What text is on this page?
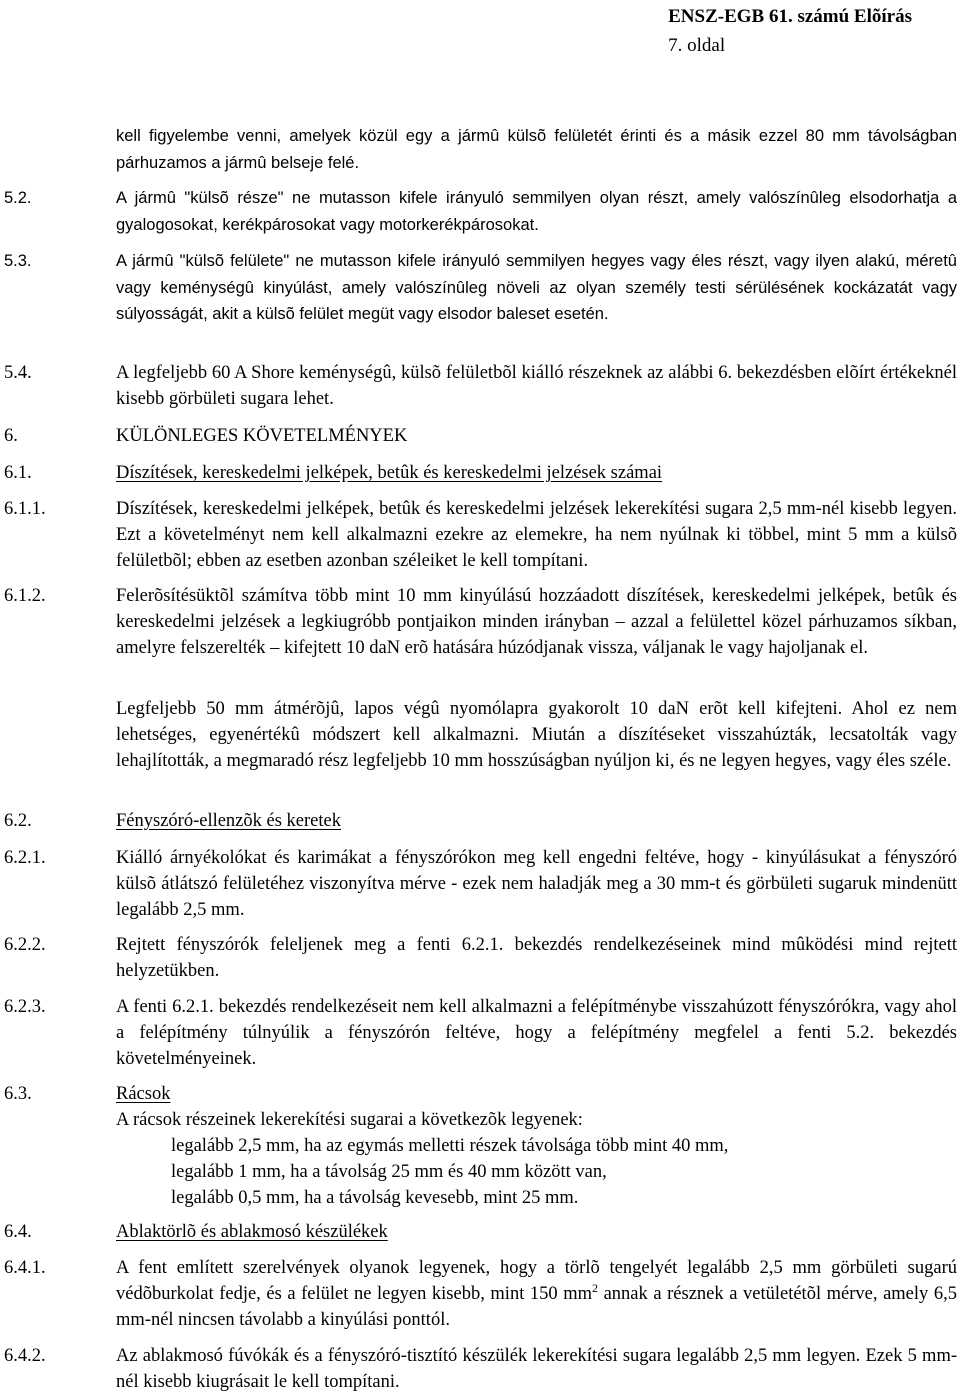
ENSZ-EGB 61. számú Elõírás
7. oldal
kell figyelembe venni, amelyek közül egy a jármû külsõ felületét érinti és a másik ezzel 80 mm távolságban párhuzamos a jármû belseje felé.
5.2.	A jármû "külsõ része" ne mutasson kifele irányuló semmilyen olyan részt, amely valószínûleg elsodorhatja a gyalogosokat, kerékpárosokat vagy motorkerékpárosokat.
5.3.	A jármû "külsõ felülete" ne mutasson kifele irányuló semmilyen hegyes vagy éles részt, vagy ilyen alakú, méretû vagy keménységû kinyúlást, amely valószínûleg növeli az olyan személy testi sérülésének kockázatát vagy súlyosságát, akit a külsõ felület megüt vagy elsodor baleset esetén.
5.4.	A legfeljebb 60 A Shore keménységû, külsõ felületbõl kiálló részeknek az alábbi 6. bekezdésben elõírt értékeknél kisebb görbületi sugara lehet.
6.	KÜLÖNLEGES KÖVETELMÉNYEK
6.1.	Díszítések, kereskedelmi jelképek, betûk és kereskedelmi jelzések számai
6.1.1.	Díszítések, kereskedelmi jelképek, betûk és kereskedelmi jelzések lekerekítési sugara 2,5 mm-nél kisebb legyen. Ezt a követelményt nem kell alkalmazni ezekre az elemekre, ha nem nyúlnak ki többel, mint 5 mm a külsõ felületbõl; ebben az esetben azonban széleiket le kell tompítani.
6.1.2.	Felerõsítésüktõl számítva több mint 10 mm kinyúlású hozzáadott díszítések, kereskedelmi jelképek, betûk és kereskedelmi jelzések a legkiugróbb pontjaikon minden irányban – azzal a felülettel közel párhuzamos síkban, amelyre felszerelték – kifejtett 10 daN erõ hatására húzódjanak vissza, váljanak le vagy hajoljanak el.
Legfeljebb 50 mm átmérõjû, lapos végû nyomólapra gyakorolt 10 daN erõt kell kifejteni. Ahol ez nem lehetséges, egyenértékû módszert kell alkalmazni. Miután a díszítéseket visszahúzták, lecsatolták vagy lehajlították, a megmaradó rész legfeljebb 10 mm hosszúságban nyúljon ki, és ne legyen hegyes, vagy éles széle.
6.2.	Fényszóró-ellenzõk és keretek
6.2.1.	Kiálló árnyékolókat és karimákat a fényszórókon meg kell engedni feltéve, hogy - kinyúlásukat a fényszóró külsõ átlátszó felületéhez viszonyítva mérve - ezek nem haladják meg a 30 mm-t és görbületi sugaruk mindenütt legalább 2,5 mm.
6.2.2.	Rejtett fényszórók feleljenek meg a fenti 6.2.1. bekezdés rendelkezéseinek mind mûködési mind rejtett helyzetükben.
6.2.3.	A fenti 6.2.1. bekezdés rendelkezéseit nem kell alkalmazni a felépítménybe visszahúzott fényszórókra, vagy ahol a felépítmény túlnyúlik a fényszórón feltéve, hogy a felépítmény megfelel a fenti 5.2. bekezdés követelményeinek.
6.3.	Rácsok
A rácsok részeinek lekerekítési sugarai a következõk legyenek:
legalább 2,5 mm, ha az egymás melletti részek távolsága több mint 40 mm,
legalább 1 mm, ha a távolság 25 mm és 40 mm között van,
legalább 0,5 mm, ha a távolság kevesebb, mint 25 mm.
6.4.	Ablaktörlõ és ablakmosó készülékek
6.4.1.	A fent említett szerelvények olyanok legyenek, hogy a törlõ tengelyét legalább 2,5 mm görbületi sugarú védõburkolat fedje, és a felület ne legyen kisebb, mint 150 $mm^2$ annak a résznek a vetületétõl mérve, amely 6,5 mm-nél nincsen távolabb a kinyúlási ponttól.
6.4.2.	Az ablakmosó fúvókák és a fényszóró-tisztító készülék lekerekítési sugara legalább 2,5 mm legyen. Ezek 5 mm-nél kisebb kiugrásait le kell tompítani.
